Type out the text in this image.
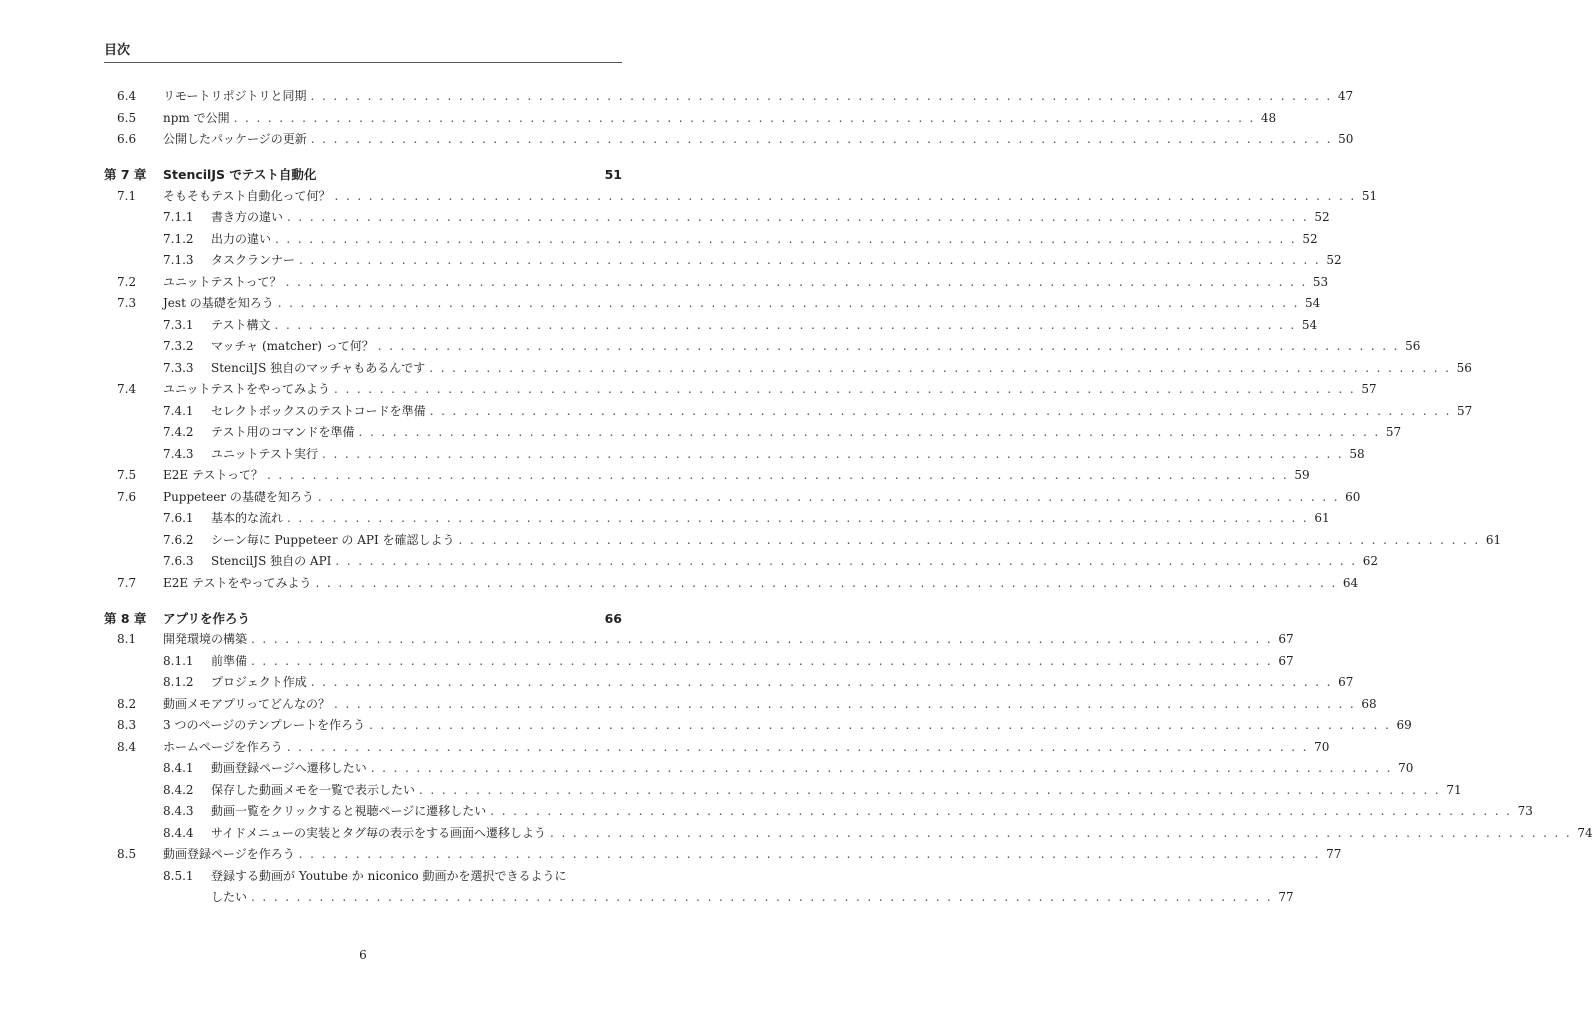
目次
6.4 リモートリポジトリと同期 .......................................................................................... 47
6.5 npm で公開 .......................................................................................... 48
6.6 公開したパッケージの更新 .......................................................................................... 50
第 7 章 StencilJS でテスト自動化	51
7.1 そもそもテスト自動化って何？ .......................................................................................... 51
7.1.1 書き方の違い .......................................................................................... 52
7.1.2 出力の違い .......................................................................................... 52
7.1.3 タスクランナー .......................................................................................... 52
7.2 ユニットテストって？ .......................................................................................... 53
7.3 Jest の基礎を知ろう .......................................................................................... 54
7.3.1 テスト構文 .......................................................................................... 54
7.3.2 マッチャ (matcher) って何？ .......................................................................................... 56
7.3.3 StencilJS 独自のマッチャもあるんです .......................................................................................... 56
7.4 ユニットテストをやってみよう .......................................................................................... 57
7.4.1 セレクトボックスのテストコードを準備 .......................................................................................... 57
7.4.2 テスト用のコマンドを準備 .......................................................................................... 57
7.4.3 ユニットテスト実行 .......................................................................................... 58
7.5 E2E テストって？ .......................................................................................... 59
7.6 Puppeteer の基礎を知ろう .......................................................................................... 60
7.6.1 基本的な流れ .......................................................................................... 61
7.6.2 シーン毎に Puppeteer の API を確認しよう .......................................................................................... 61
7.6.3 StencilJS 独自の API .......................................................................................... 62
7.7 E2E テストをやってみよう .......................................................................................... 64
第 8 章 アプリを作ろう	66
8.1 開発環境の構築 .......................................................................................... 67
8.1.1 前準備 .......................................................................................... 67
8.1.2 プロジェクト作成 .......................................................................................... 67
8.2 動画メモアプリってどんなの？ .......................................................................................... 68
8.3 3 つのページのテンプレートを作ろう .......................................................................................... 69
8.4 ホームページを作ろう .......................................................................................... 70
8.4.1 動画登録ページへ遷移したい .......................................................................................... 70
8.4.2 保存した動画メモを一覧で表示したい .......................................................................................... 71
8.4.3 動画一覧をクリックすると視聴ページに遷移したい .......................................................................................... 73
8.4.4 サイドメニューの実装とタグ毎の表示をする画面へ遷移しよう .......................................................................................... 74
8.5 動画登録ページを作ろう .......................................................................................... 77
8.5.1 登録する動画が Youtube か niconico 動画かを選択できるように
したい .......................................................................................... 77
6
